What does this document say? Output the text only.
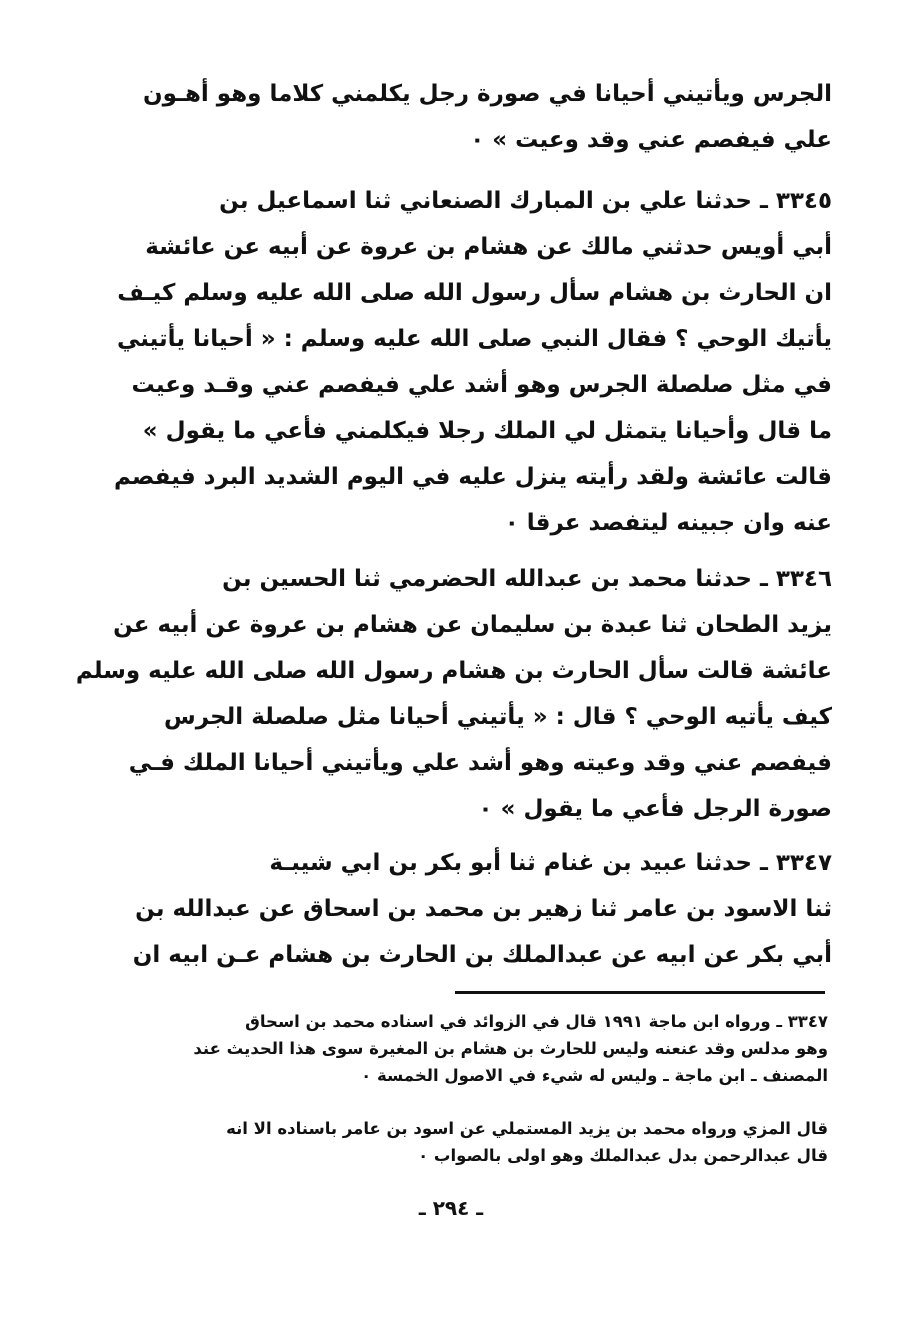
الجرس ويأتيني أحيانا في صورة رجل يكلمني كلاما وهو أهـون
علي فيفصم عني وقد وعيت » ٠
٣٣٤٥ ـ حدثنا علي بن المبارك الصنعاني ثنا اسماعيل بن
أبي أويس حدثني مالك عن هشام بن عروة عن أبيه عن عائشة
ان الحارث بن هشام سأل رسول الله صلى الله عليه وسلم كيـف
يأتيك الوحي ؟ فقال النبي صلى الله عليه وسلم : « أحيانا يأتيني
في مثل صلصلة الجرس وهو أشد علي فيفصم عني وقـد وعيت
ما قال وأحيانا يتمثل لي الملك رجلا فيكلمني فأعي ما يقول »
قالت عائشة ولقد رأيته ينزل عليه في اليوم الشديد البرد فيفصم
عنه وان جبينه ليتفصد عرقا ٠
٣٣٤٦ ـ حدثنا محمد بن عبدالله الحضرمي ثنا الحسين بن
يزيد الطحان ثنا عبدة بن سليمان عن هشام بن عروة عن أبيه عن
عائشة قالت سأل الحارث بن هشام رسول الله صلى الله عليه وسلم
كيف يأتيه الوحي ؟ قال : « يأتيني أحيانا مثل صلصلة الجرس
فيفصم عني وقد وعيته وهو أشد علي ويأتيني أحيانا الملك فـي
صورة الرجل فأعي ما يقول » ٠
٣٣٤٧ ـ حدثنا عبيد بن غنام ثنا أبو بكر بن ابي شيبـة
ثنا الاسود بن عامر ثنا زهير بن محمد بن اسحاق عن عبدالله بن
أبي بكر عن ابيه عن عبدالملك بن الحارث بن هشام عـن ابيه ان
٣٣٤٧ ـ ورواه ابن ماجة ١٩٩١ قال في الزوائد في اسناده محمد بن اسحاق
وهو مدلس وقد عنعنه وليس للحارث بن هشام بن المغيرة سوى هذا الحديث عند
المصنف ـ ابن ماجة ـ وليس له شيء في الاصول الخمسة ٠
قال المزي ورواه محمد بن يزيد المستملي عن اسود بن عامر باسناده الا انه
قال عبدالرحمن بدل عبدالملك وهو اولى بالصواب ٠
ـ ٢٩٤ ـ
